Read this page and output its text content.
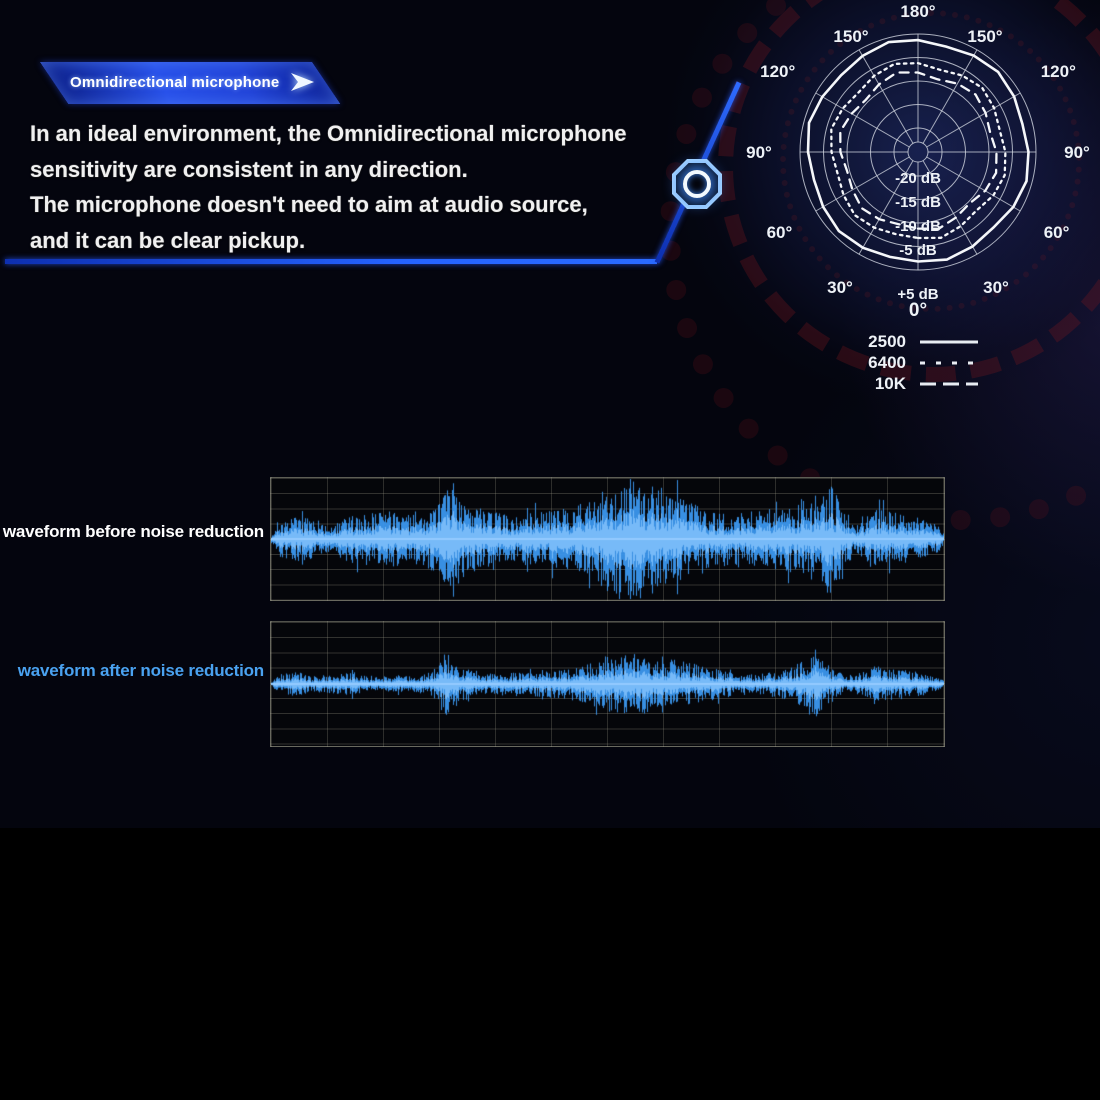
Omnidirectional microphone
In an ideal environment, the Omnidirectional microphone
sensitivity are consistent in any direction.
The microphone doesn't need to aim at audio source,
and it can be clear pickup.
0°
30°
30°
60°
60°
90°
90°
120°
120°
150°
150°
180°
-20 dB
-15 dB
-10 dB
-5 dB
+5 dB
2500
6400
10K
waveform before noise reduction
waveform after noise reduction
